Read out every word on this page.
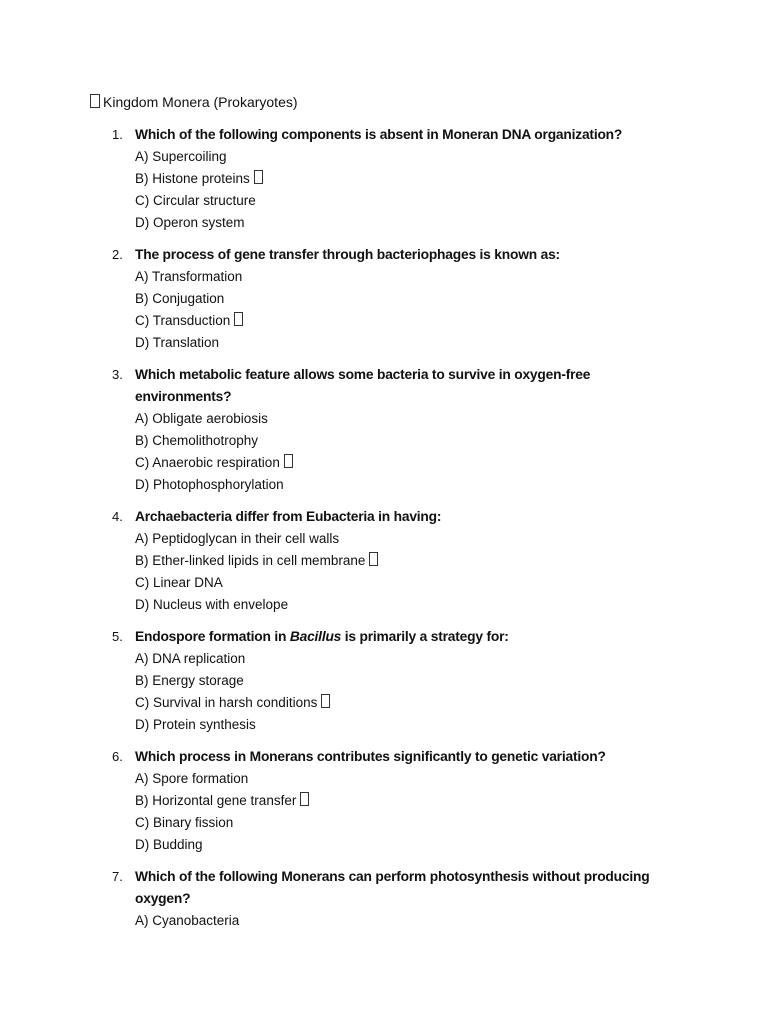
Kingdom Monera (Prokaryotes)
1. Which of the following components is absent in Moneran DNA organization?
A) Supercoiling
B) Histone proteins
C) Circular structure
D) Operon system
2. The process of gene transfer through bacteriophages is known as:
A) Transformation
B) Conjugation
C) Transduction
D) Translation
3. Which metabolic feature allows some bacteria to survive in oxygen-free environments?
A) Obligate aerobiosis
B) Chemolithotrophy
C) Anaerobic respiration
D) Photophosphorylation
4. Archaebacteria differ from Eubacteria in having:
A) Peptidoglycan in their cell walls
B) Ether-linked lipids in cell membrane
C) Linear DNA
D) Nucleus with envelope
5. Endospore formation in Bacillus is primarily a strategy for:
A) DNA replication
B) Energy storage
C) Survival in harsh conditions
D) Protein synthesis
6. Which process in Monerans contributes significantly to genetic variation?
A) Spore formation
B) Horizontal gene transfer
C) Binary fission
D) Budding
7. Which of the following Monerans can perform photosynthesis without producing oxygen?
A) Cyanobacteria
